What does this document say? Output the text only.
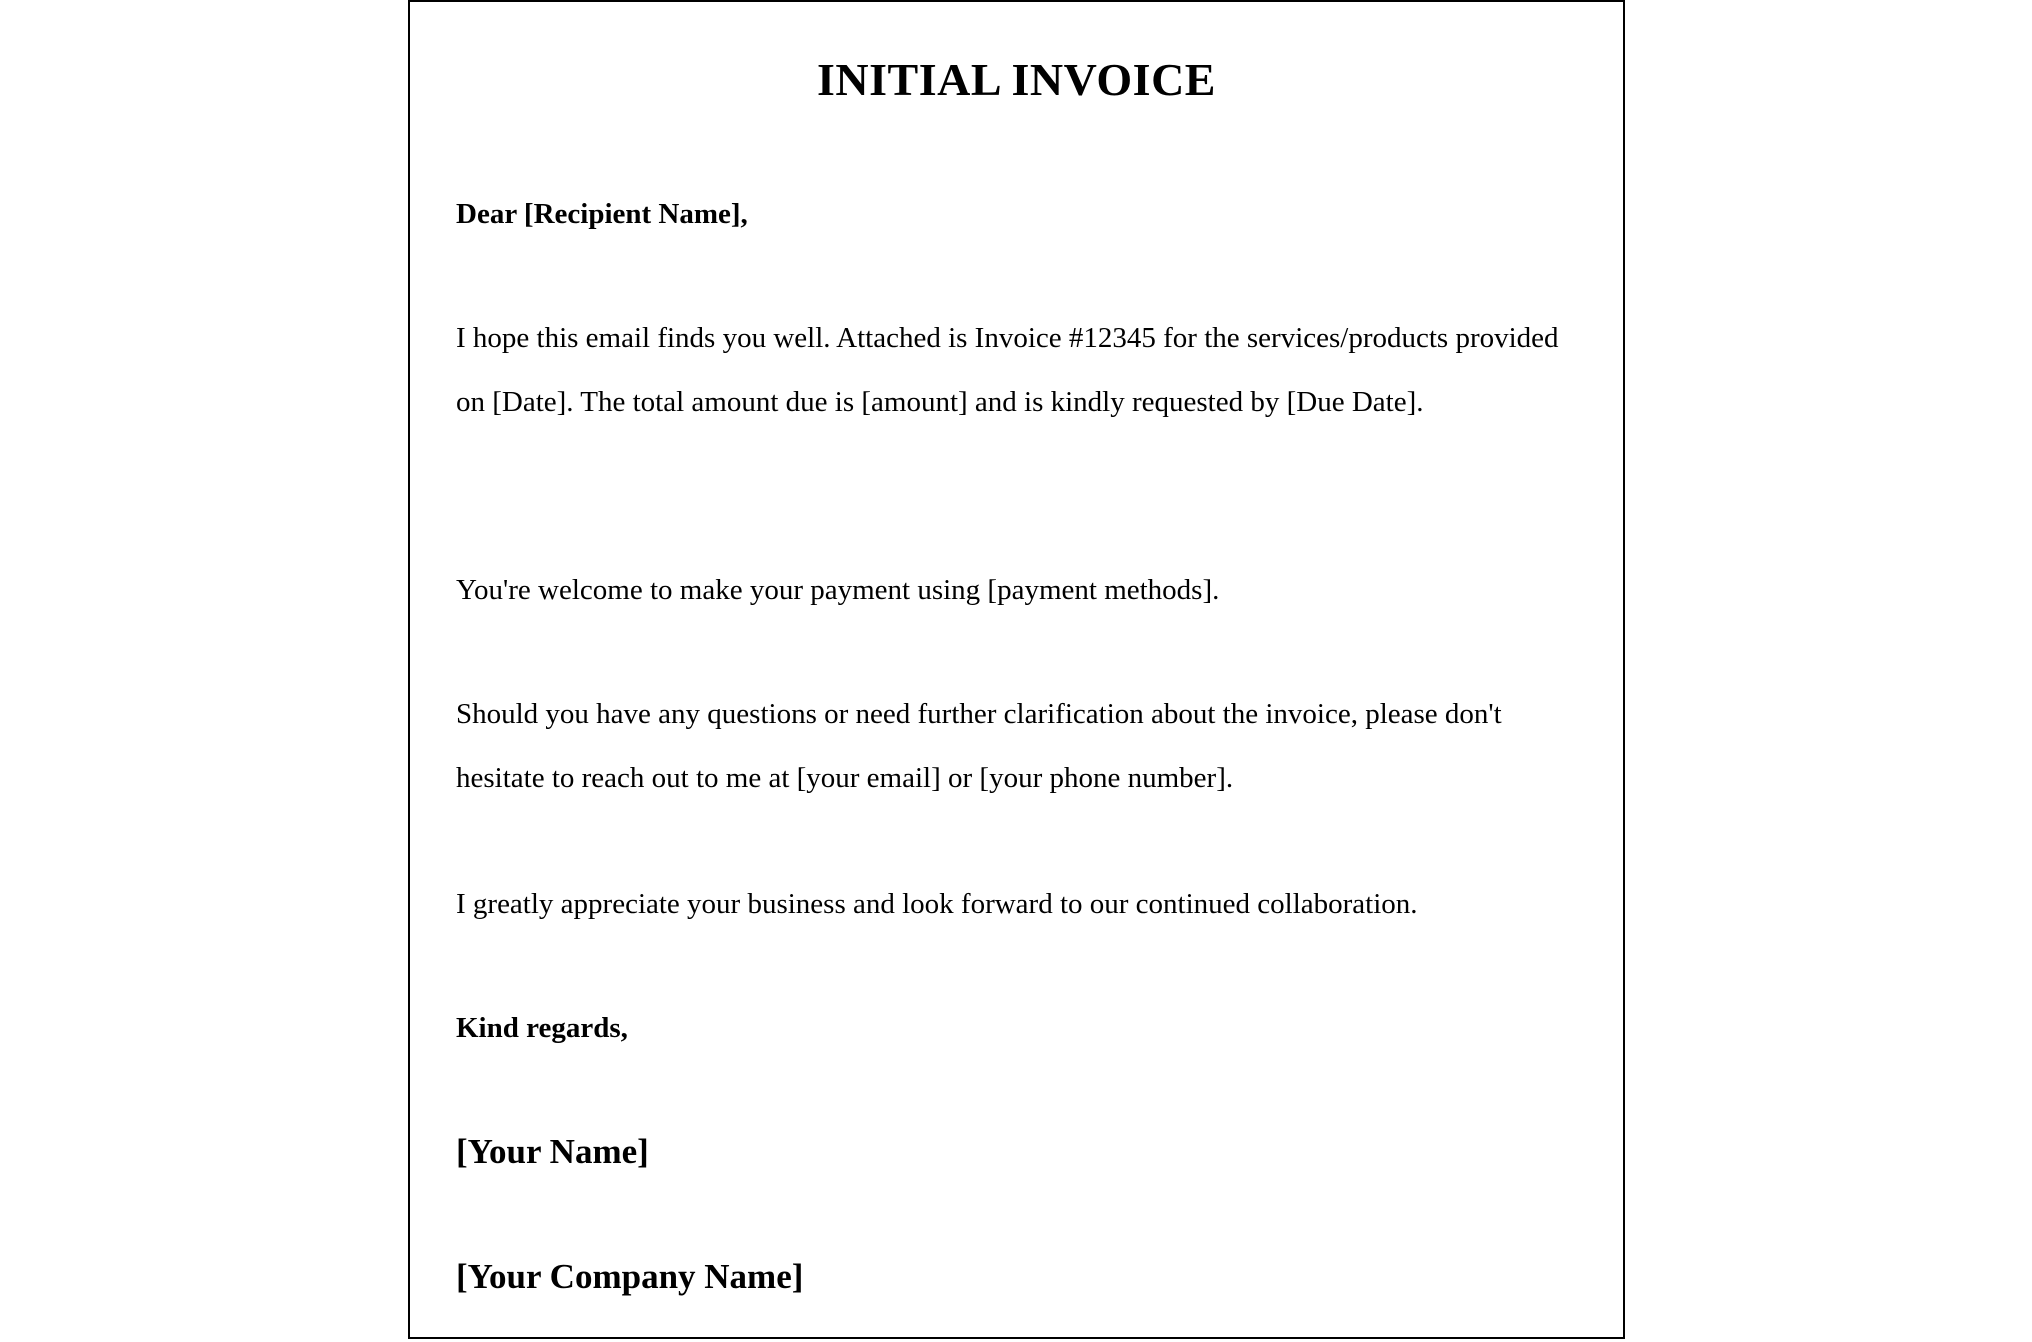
INITIAL INVOICE

Dear [Recipient Name],

I hope this email finds you well. Attached is Invoice #12345 for the services/products provided on [Date]. The total amount due is [amount] and is kindly requested by [Due Date].

You're welcome to make your payment using [payment methods].

Should you have any questions or need further clarification about the invoice, please don't hesitate to reach out to me at [your email] or [your phone number].

I greatly appreciate your business and look forward to our continued collaboration.

Kind regards,

[Your Name]

[Your Company Name]
